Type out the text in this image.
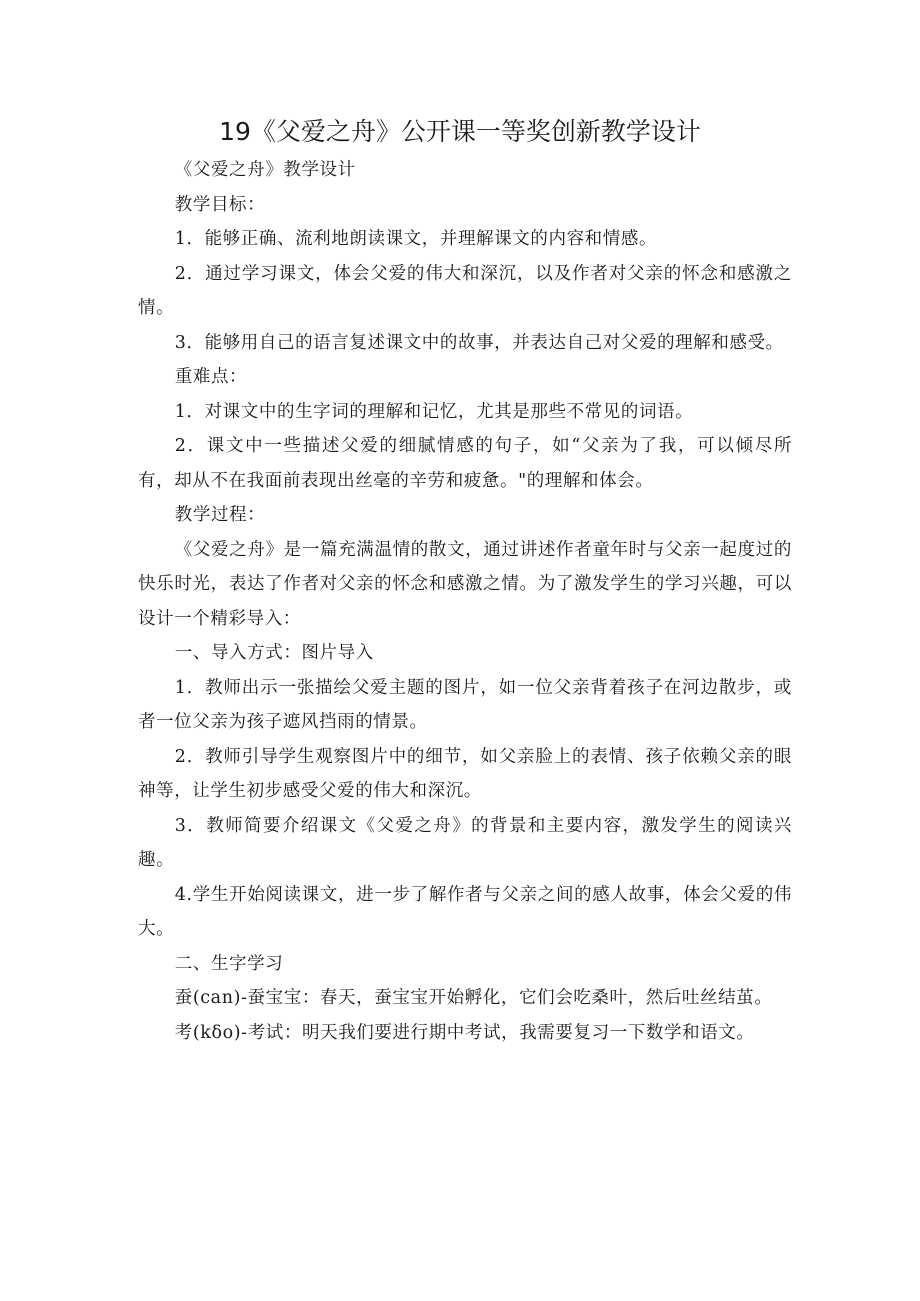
19《父爱之舟》公开课一等奖创新教学设计

《父爱之舟》教学设计

教学目标：

1．能够正确、流利地朗读课文，并理解课文的内容和情感。

2．通过学习课文，体会父爱的伟大和深沉，以及作者对父亲的怀念和感激之情。

3．能够用自己的语言复述课文中的故事，并表达自己对父爱的理解和感受。

重难点：

1．对课文中的生字词的理解和记忆，尤其是那些不常见的词语。

2．课文中一些描述父爱的细腻情感的句子，如“父亲为了我，可以倾尽所有，却从不在我面前表现出丝毫的辛劳和疲惫。"的理解和体会。

教学过程：

《父爱之舟》是一篇充满温情的散文，通过讲述作者童年时与父亲一起度过的快乐时光，表达了作者对父亲的怀念和感激之情。为了激发学生的学习兴趣，可以设计一个精彩导入：

一、导入方式：图片导入

1．教师出示一张描绘父爱主题的图片，如一位父亲背着孩子在河边散步，或者一位父亲为孩子遮风挡雨的情景。

2．教师引导学生观察图片中的细节，如父亲脸上的表情、孩子依赖父亲的眼神等，让学生初步感受父爱的伟大和深沉。

3．教师简要介绍课文《父爱之舟》的背景和主要内容，激发学生的阅读兴趣。

4.学生开始阅读课文，进一步了解作者与父亲之间的感人故事，体会父爱的伟大。

二、生字学习

蚕(can)-蚕宝宝：春天，蚕宝宝开始孵化，它们会吃桑叶，然后吐丝结茧。

考(kδo)-考试：明天我们要进行期中考试，我需要复习一下数学和语文。
